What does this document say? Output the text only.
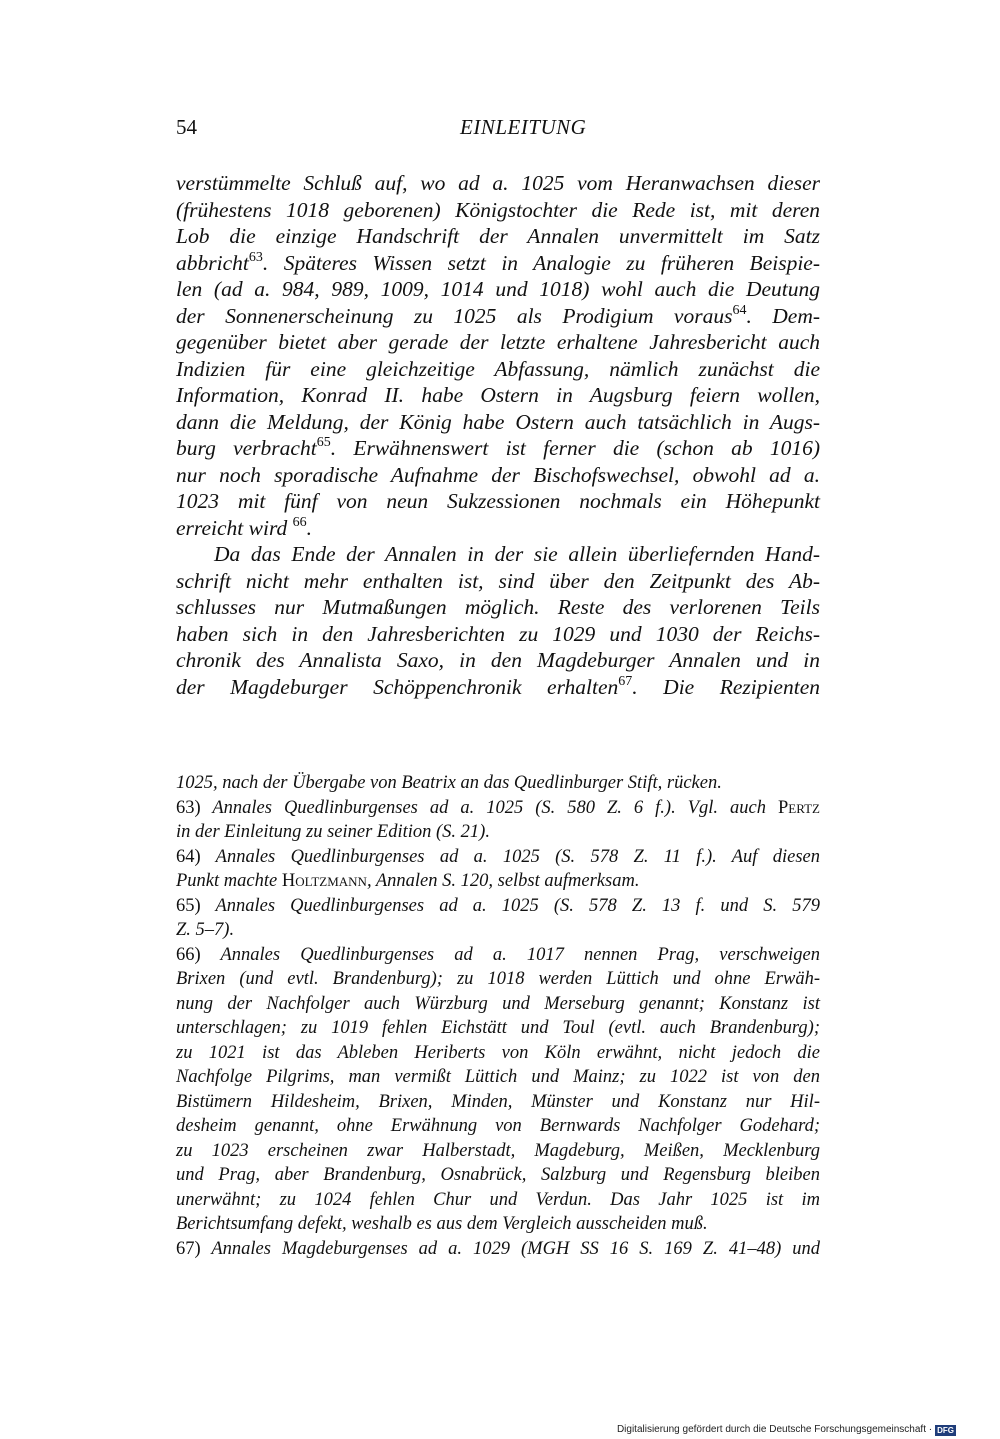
54	EINLEITUNG
verstümmelte Schluß auf, wo ad a. 1025 vom Heranwachsen dieser
(frühestens 1018 geborenen) Königstochter die Rede ist, mit deren
Lob die einzige Handschrift der Annalen unvermittelt im Satz
abbricht$^{63}$. Späteres Wissen setzt in Analogie zu früheren Beispie-
len (ad a. 984, 989, 1009, 1014 und 1018) wohl auch die Deutung
der Sonnenerscheinung zu 1025 als Prodigium voraus$^{64}$. Dem-
gegenüber bietet aber gerade der letzte erhaltene Jahresbericht auch
Indizien für eine gleichzeitige Abfassung, nämlich zunächst die
Information, Konrad II. habe Ostern in Augsburg feiern wollen,
dann die Meldung, der König habe Ostern auch tatsächlich in Augs-
burg verbracht$^{65}$. Erwähnenswert ist ferner die (schon ab 1016)
nur noch sporadische Aufnahme der Bischofswechsel, obwohl ad a.
1023 mit fünf von neun Sukzessionen nochmals ein Höhepunkt
erreicht wird $^{66}$.
Da das Ende der Annalen in der sie allein überliefernden Hand-
schrift nicht mehr enthalten ist, sind über den Zeitpunkt des Ab-
schlusses nur Mutmaßungen möglich. Reste des verlorenen Teils
haben sich in den Jahresberichten zu 1029 und 1030 der Reichs-
chronik des Annalista Saxo, in den Magdeburger Annalen und in
der Magdeburger Schöppenchronik erhalten$^{67}$. Die Rezipienten
1025, nach der Übergabe von Beatrix an das Quedlinburger Stift, rücken.
63) Annales Quedlinburgenses ad a. 1025 (S. 580 Z. 6 f.). Vgl. auch Pertz
in der Einleitung zu seiner Edition (S. 21).
64) Annales Quedlinburgenses ad a. 1025 (S. 578 Z. 11 f.). Auf diesen
Punkt machte Holtzmann, Annalen S. 120, selbst aufmerksam.
65) Annales Quedlinburgenses ad a. 1025 (S. 578 Z. 13 f. und S. 579
Z. 5–7).
66) Annales Quedlinburgenses ad a. 1017 nennen Prag, verschweigen
Brixen (und evtl. Brandenburg); zu 1018 werden Lüttich und ohne Erwäh-
nung der Nachfolger auch Würzburg und Merseburg genannt; Konstanz ist
unterschlagen; zu 1019 fehlen Eichstätt und Toul (evtl. auch Brandenburg);
zu 1021 ist das Ableben Heriberts von Köln erwähnt, nicht jedoch die
Nachfolge Pilgrims, man vermißt Lüttich und Mainz; zu 1022 ist von den
Bistümern Hildesheim, Brixen, Minden, Münster und Konstanz nur Hil-
desheim genannt, ohne Erwähnung von Bernwards Nachfolger Godehard;
zu 1023 erscheinen zwar Halberstadt, Magdeburg, Meißen, Mecklenburg
und Prag, aber Brandenburg, Osnabrück, Salzburg und Regensburg bleiben
unerwähnt; zu 1024 fehlen Chur und Verdun. Das Jahr 1025 ist im
Berichtsumfang defekt, weshalb es aus dem Vergleich ausscheiden muß.
67) Annales Magdeburgenses ad a. 1029 (MGH SS 16 S. 169 Z. 41–48) und
Digitalisierung gefördert durch die Deutsche Forschungsgemeinschaft · DFG
